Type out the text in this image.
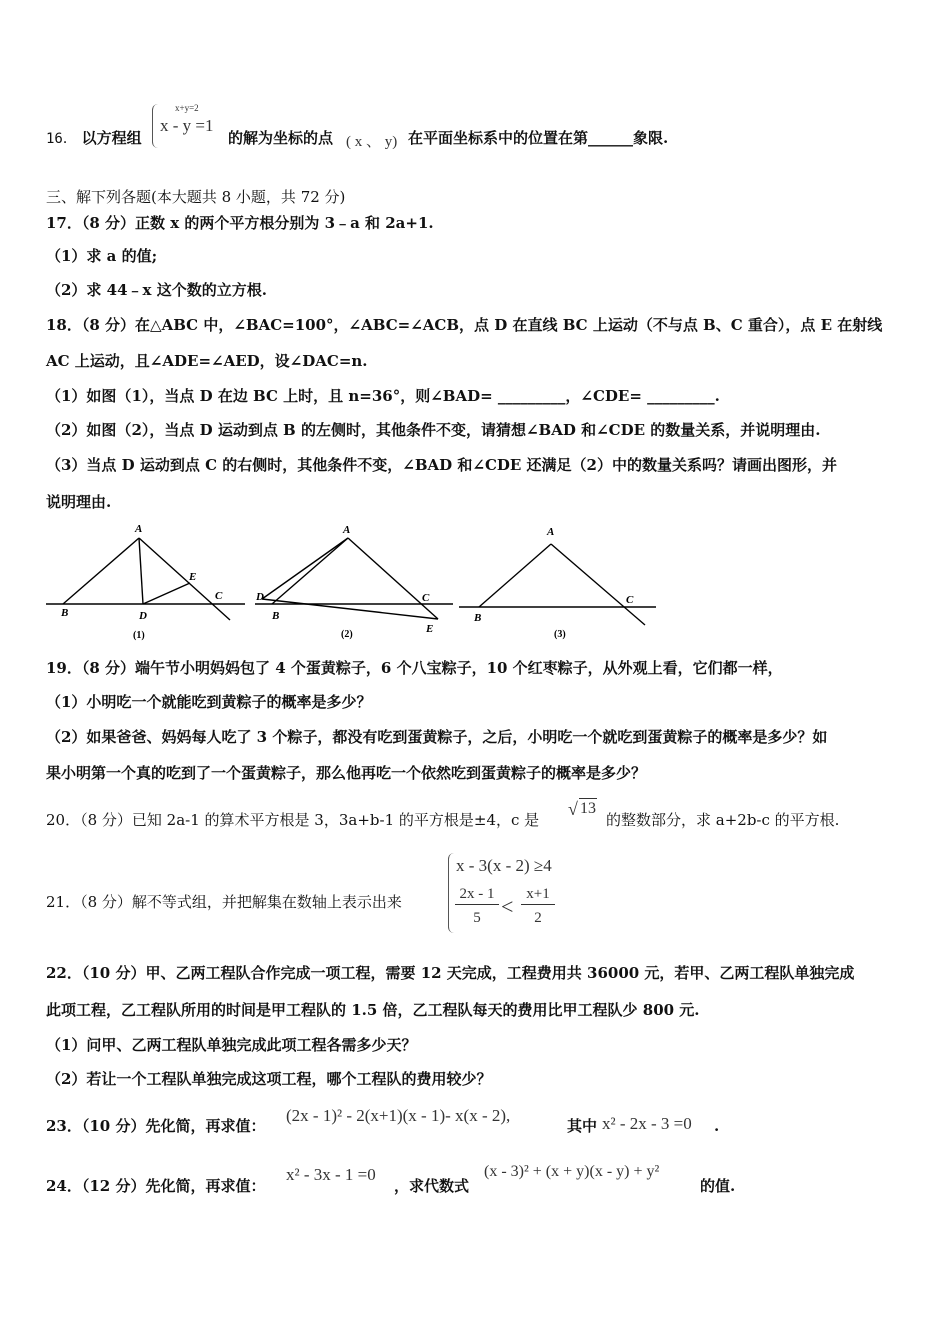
16． 以方程组
x+y=2
x - y =1
的解为坐标的点 ( x 、 y) 在平面坐标系中的位置在第______象限.
三、解下列各题(本大题共 8 小题，共 72 分)
17．（8 分）正数 x 的两个平方根分别为 3﹣a 和 2a+1.
（1）求 a 的值;
（2）求 44﹣x 这个数的立方根.
18．（8 分）在△ABC 中，∠BAC=100°，∠ABC=∠ACB，点 D 在直线 BC 上运动（不与点 B、C 重合），点 E 在射线
AC 上运动，且∠ADE=∠AED，设∠DAC=n.
（1）如图（1），当点 D 在边 BC 上时，且 n=36°，则∠BAD= _________，∠CDE= _________.
（2）如图（2），当点 D 运动到点 B 的左侧时，其他条件不变，请猜想∠BAD 和∠CDE 的数量关系，并说明理由.
（3）当点 D 运动到点 C 的右侧时，其他条件不变，∠BAD 和∠CDE 还满足（2）中的数量关系吗？请画出图形，并
说明理由.
A
B	D
E
C
(1)
A
D
B
C
E
(2)
A
B
C
(3)
19．（8 分）端午节小明妈妈包了 4 个蛋黄粽子，6 个八宝粽子，10 个红枣粽子，从外观上看，它们都一样，
（1）小明吃一个就能吃到黄粽子的概率是多少？
（2）如果爸爸、妈妈每人吃了 3 个粽子，都没有吃到蛋黄粽子，之后，小明吃一个就吃到蛋黄粽子的概率是多少？如
果小明第一个真的吃到了一个蛋黄粽子，那么他再吃一个依然吃到蛋黄粽子的概率是多少？
20．（8 分）已知 2a-1 的算术平方根是 3，3a+b-1 的平方根是±4，c 是
√ 13
的整数部分，求 a+2b-c 的平方根.
21．（8 分）解不等式组，并把解集在数轴上表示出来
x - 3(x - 2) ≥4
2x - 1
5 < x+1
2
22．（10 分）甲、乙两工程队合作完成一项工程，需要 12 天完成，工程费用共 36000 元，若甲、乙两工程队单独完成
此项工程，乙工程队所用的时间是甲工程队的 1.5 倍，乙工程队每天的费用比甲工程队少 800 元.
（1）问甲、乙两工程队单独完成此项工程各需多少天？
（2）若让一个工程队单独完成这项工程，哪个工程队的费用较少？
23．（10 分）先化简，再求值：
(2x - 1)² - 2(x+1)(x - 1)- x(x - 2),
其中 x² - 2x - 3 =0 .
24．（12 分）先化简，再求值：
x² - 3x - 1 =0
，求代数式
(x - 3)² + (x + y)(x - y) + y²
的值.
